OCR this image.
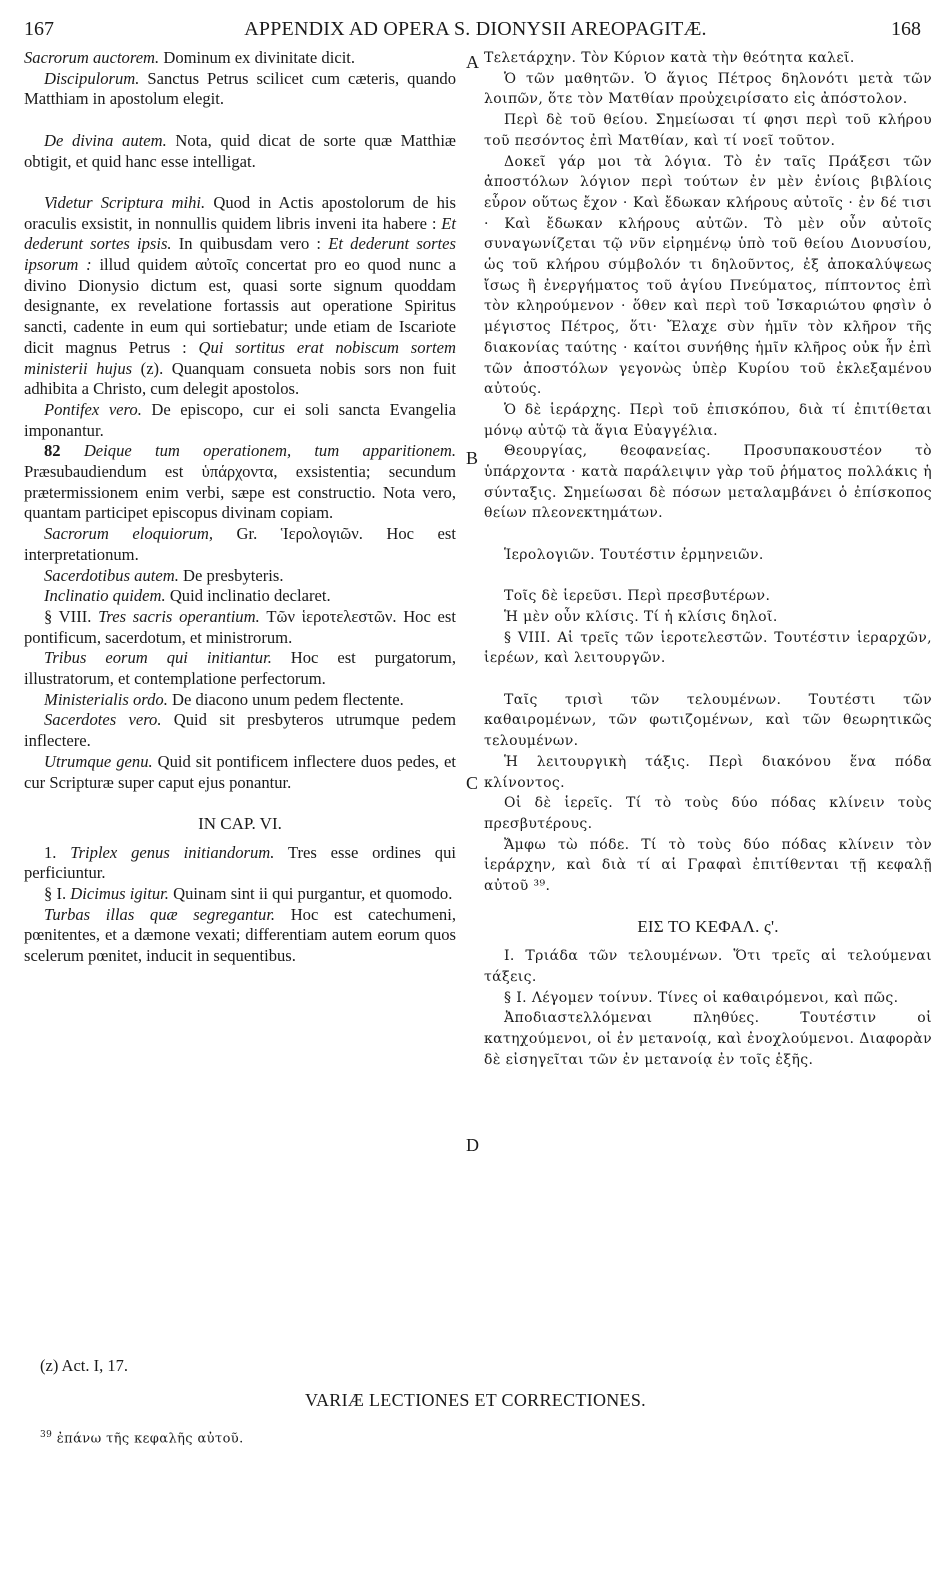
167	APPENDIX AD OPERA S. DIONYSII AREOPAGITÆ.	168

Sacrorum auctorem. Dominum ex divinitate dicit.

Discipulorum. Sanctus Petrus scilicet cum cæteris, quando Matthiam in apostolum elegit.

De divina autem. Nota, quid dicat de sorte quæ Matthiæ obtigit, et quid hanc esse intelligat.

Videtur Scriptura mihi. Quod in Actis apostolorum de his oraculis exsistit, in nonnullis quidem libris inveni ita habere : Et dederunt sortes ipsis. In quibusdam vero : Et dederunt sortes ipsorum : illud quidem αὐτοῖς concertat pro eo quod nunc a divino Dionysio dictum est, quasi sorte signum quoddam designante, ex revelatione fortassis aut operatione Spiritus sancti, cadente in eum qui sortiebatur; unde etiam de Iscariote dicit magnus Petrus : Qui sortitus erat nobiscum sortem ministerii hujus (z). Quanquam consueta nobis sors non fuit adhibita a Christo, cum delegit apostolos.

Pontifex vero. De episcopo, cur ei soli sancta Evangelia imponantur.

82 Deique tum operationem, tum apparitionem. Præsubaudiendum est ὑπάρχοντα, exsistentia; secundum prætermissionem enim verbi, sæpe est constructio. Nota vero, quantam participet episcopus divinam copiam.

Sacrorum eloquiorum, Gr. Ἱερολογιῶν. Hoc est interpretationum.

Sacerdotibus autem. De presbyteris.

Inclinatio quidem. Quid inclinatio declaret.

§ VIII. Tres sacris operantium. Τῶν ἱεροτελεστῶν. Hoc est pontificum, sacerdotum, et ministrorum.

Tribus eorum qui initiantur. Hoc est purgatorum, illustratorum, et contemplatione perfectorum.

Ministerialis ordo. De diacono unum pedem flectente.

Sacerdotes vero. Quid sit presbyteros utrumque pedem inflectere.

Utrumque genu. Quid sit pontificem inflectere duos pedes, et cur Scripturæ super caput ejus ponantur.

IN CAP. VI.

1. Triplex genus initiandorum. Tres esse ordines qui perficiuntur.

§ I. Dicimus igitur. Quinam sint ii qui purgantur, et quomodo.

Turbas illas quæ segregantur. Hoc est catechumeni, pœnitentes, et a dæmone vexati; differentiam autem eorum quos scelerum pœnitet, inducit in sequentibus.

Τελετάρχην. Τὸν Κύριον κατὰ τὴν θεότητα καλεῖ.

Ὁ τῶν μαθητῶν. Ὁ ἅγιος Πέτρος δηλονότι μετὰ τῶν λοιπῶν, ὅτε τὸν Ματθίαν προὐχειρίσατο εἰς ἀπόστολον.

Περὶ δὲ τοῦ θείου. Σημείωσαι τί φησι περὶ τοῦ κλήρου τοῦ πεσόντος ἐπὶ Ματθίαν, καὶ τί νοεῖ τοῦτον.

Δοκεῖ γάρ μοι τὰ λόγια. Τὸ ἐν ταῖς Πράξεσι τῶν ἀποστόλων λόγιον περὶ τούτων ἐν μὲν ἐνίοις βιβλίοις εὗρον οὕτως ἔχον · Καὶ ἔδωκαν κλήρους αὐτοῖς · ἐν δέ τισι · Καὶ ἔδωκαν κλήρους αὐτῶν. Τὸ μὲν οὖν αὐτοῖς συναγωνίζεται τῷ νῦν εἰρημένῳ ὑπὸ τοῦ θείου Διονυσίου, ὡς τοῦ κλήρου σύμβολόν τι δηλοῦντος, ἐξ ἀποκαλύψεως ἴσως ἢ ἐνεργήματος τοῦ ἁγίου Πνεύματος, πίπτοντος ἐπὶ τὸν κληρούμενον · ὅθεν καὶ περὶ τοῦ Ἰσκαριώτου φησὶν ὁ μέγιστος Πέτρος, ὅτι· Ἔλαχε σὺν ἡμῖν τὸν κλῆρον τῆς διακονίας ταύτης · καίτοι συνήθης ἡμῖν κλῆρος οὐκ ἦν ἐπὶ τῶν ἀποστόλων γεγονὼς ὑπὲρ Κυρίου τοῦ ἐκλεξαμένου αὐτούς.

Ὁ δὲ ἱεράρχης. Περὶ τοῦ ἐπισκόπου, διὰ τί ἐπιτίθεται μόνῳ αὐτῷ τὰ ἅγια Εὐαγγέλια.

Θεουργίας, θεοφανείας. Προσυπακουστέον τὸ ὑπάρχοντα · κατὰ παράλειψιν γὰρ τοῦ ῥήματος πολλάκις ἡ σύνταξις. Σημείωσαι δὲ πόσων μεταλαμβάνει ὁ ἐπίσκοπος θείων πλεονεκτημάτων.

Ἱερολογιῶν. Τουτέστιν ἑρμηνειῶν.

Τοῖς δὲ ἱερεῦσι. Περὶ πρεσβυτέρων.

Ἡ μὲν οὖν κλίσις. Τί ἡ κλίσις δηλοῖ.

§ VIII. Αἱ τρεῖς τῶν ἱεροτελεστῶν. Τουτέστιν ἱεραρχῶν, ἱερέων, καὶ λειτουργῶν.

Ταῖς τρισὶ τῶν τελουμένων. Τουτέστι τῶν καθαιρομένων, τῶν φωτιζομένων, καὶ τῶν θεωρητικῶς τελουμένων.

Ἡ λειτουργικὴ τάξις. Περὶ διακόνου ἕνα πόδα κλίνοντος.

Οἱ δὲ ἱερεῖς. Τί τὸ τοὺς δύο πόδας κλίνειν τοὺς πρεσβυτέρους.

Ἄμφω τὼ πόδε. Τί τὸ τοὺς δύο πόδας κλίνειν τὸν ἱεράρχην, καὶ διὰ τί αἱ Γραφαὶ ἐπιτίθενται τῇ κεφαλῇ αὐτοῦ ³⁹.

ΕΙΣ ΤΟ ΚΕΦΑΛ. ς'.

Ι. Τριάδα τῶν τελουμένων. Ὅτι τρεῖς αἱ τελούμεναι τάξεις.

§ Ι. Λέγομεν τοίνυν. Τίνες οἱ καθαιρόμενοι, καὶ πῶς.

Ἀποδιαστελλόμεναι πληθύες. Τουτέστιν οἱ κατηχούμενοι, οἱ ἐν μετανοίᾳ, καὶ ἐνοχλούμενοι. Διαφορὰν δὲ εἰσηγεῖται τῶν ἐν μετανοίᾳ ἐν τοῖς ἑξῆς.

A
B
C
D
(z) Act. I, 17.
VARIÆ LECTIONES ET CORRECTIONES.
$^{39}$ ἐπάνω τῆς κεφαλῆς αὐτοῦ.
